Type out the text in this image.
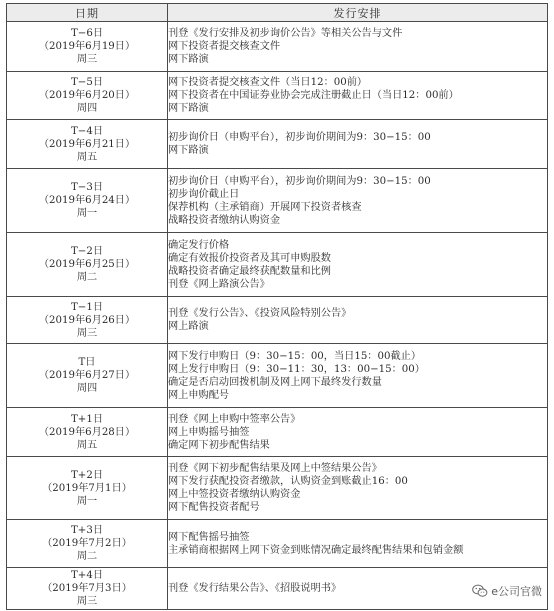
日期	发行安排

T−6日
（2019年6月19日）
周三	刊登《发行安排及初步询价公告》等相关公告与文件
网下投资者提交核查文件
网下路演

T−5日
（2019年6月20日）
周四	网下投资者提交核查文件（当日12：00前）
网下投资者在中国证券业协会完成注册截止日（当日12：00前）
网下路演

T−4日
（2019年6月21日）
周五	初步询价日（申购平台），初步询价期间为9：30−15：00
网下路演

T−3日
（2019年6月24日）
周一	初步询价日（申购平台），初步询价期间为9：30−15：00
初步询价截止日
保荐机构（主承销商）开展网下投资者核查
战略投资者缴纳认购资金

T−2日
（2019年6月25日）
周二	确定发行价格
确定有效报价投资者及其可申购股数
战略投资者确定最终获配数量和比例
刊登《网上路演公告》

T−1日
（2019年6月26日）
周三	刊登《发行公告》、《投资风险特别公告》
网上路演

T日
（2019年6月27日）
周四	网下发行申购日（9：30−15：00，当日15：00截止）
网上发行申购日（9：30−11：30，13：00−15：00）
确定是否启动回拨机制及网上网下最终发行数量
网上申购配号

T+1日
（2019年6月28日）
周五	刊登《网上申购中签率公告》
网上申购摇号抽签
确定网下初步配售结果

T+2日
（2019年7月1日）
周一	刊登《网下初步配售结果及网上中签结果公告》
网下发行获配投资者缴款，认购资金到账截止16：00
网上中签投资者缴纳认购资金
网下配售投资者配号

T+3日
（2019年7月2日）
周二	网下配售摇号抽签
主承销商根据网上网下资金到账情况确定最终配售结果和包销金额

T+4日
（2019年7月3日）
周三	刊登《发行结果公告》、《招股说明书》	e公司官微
